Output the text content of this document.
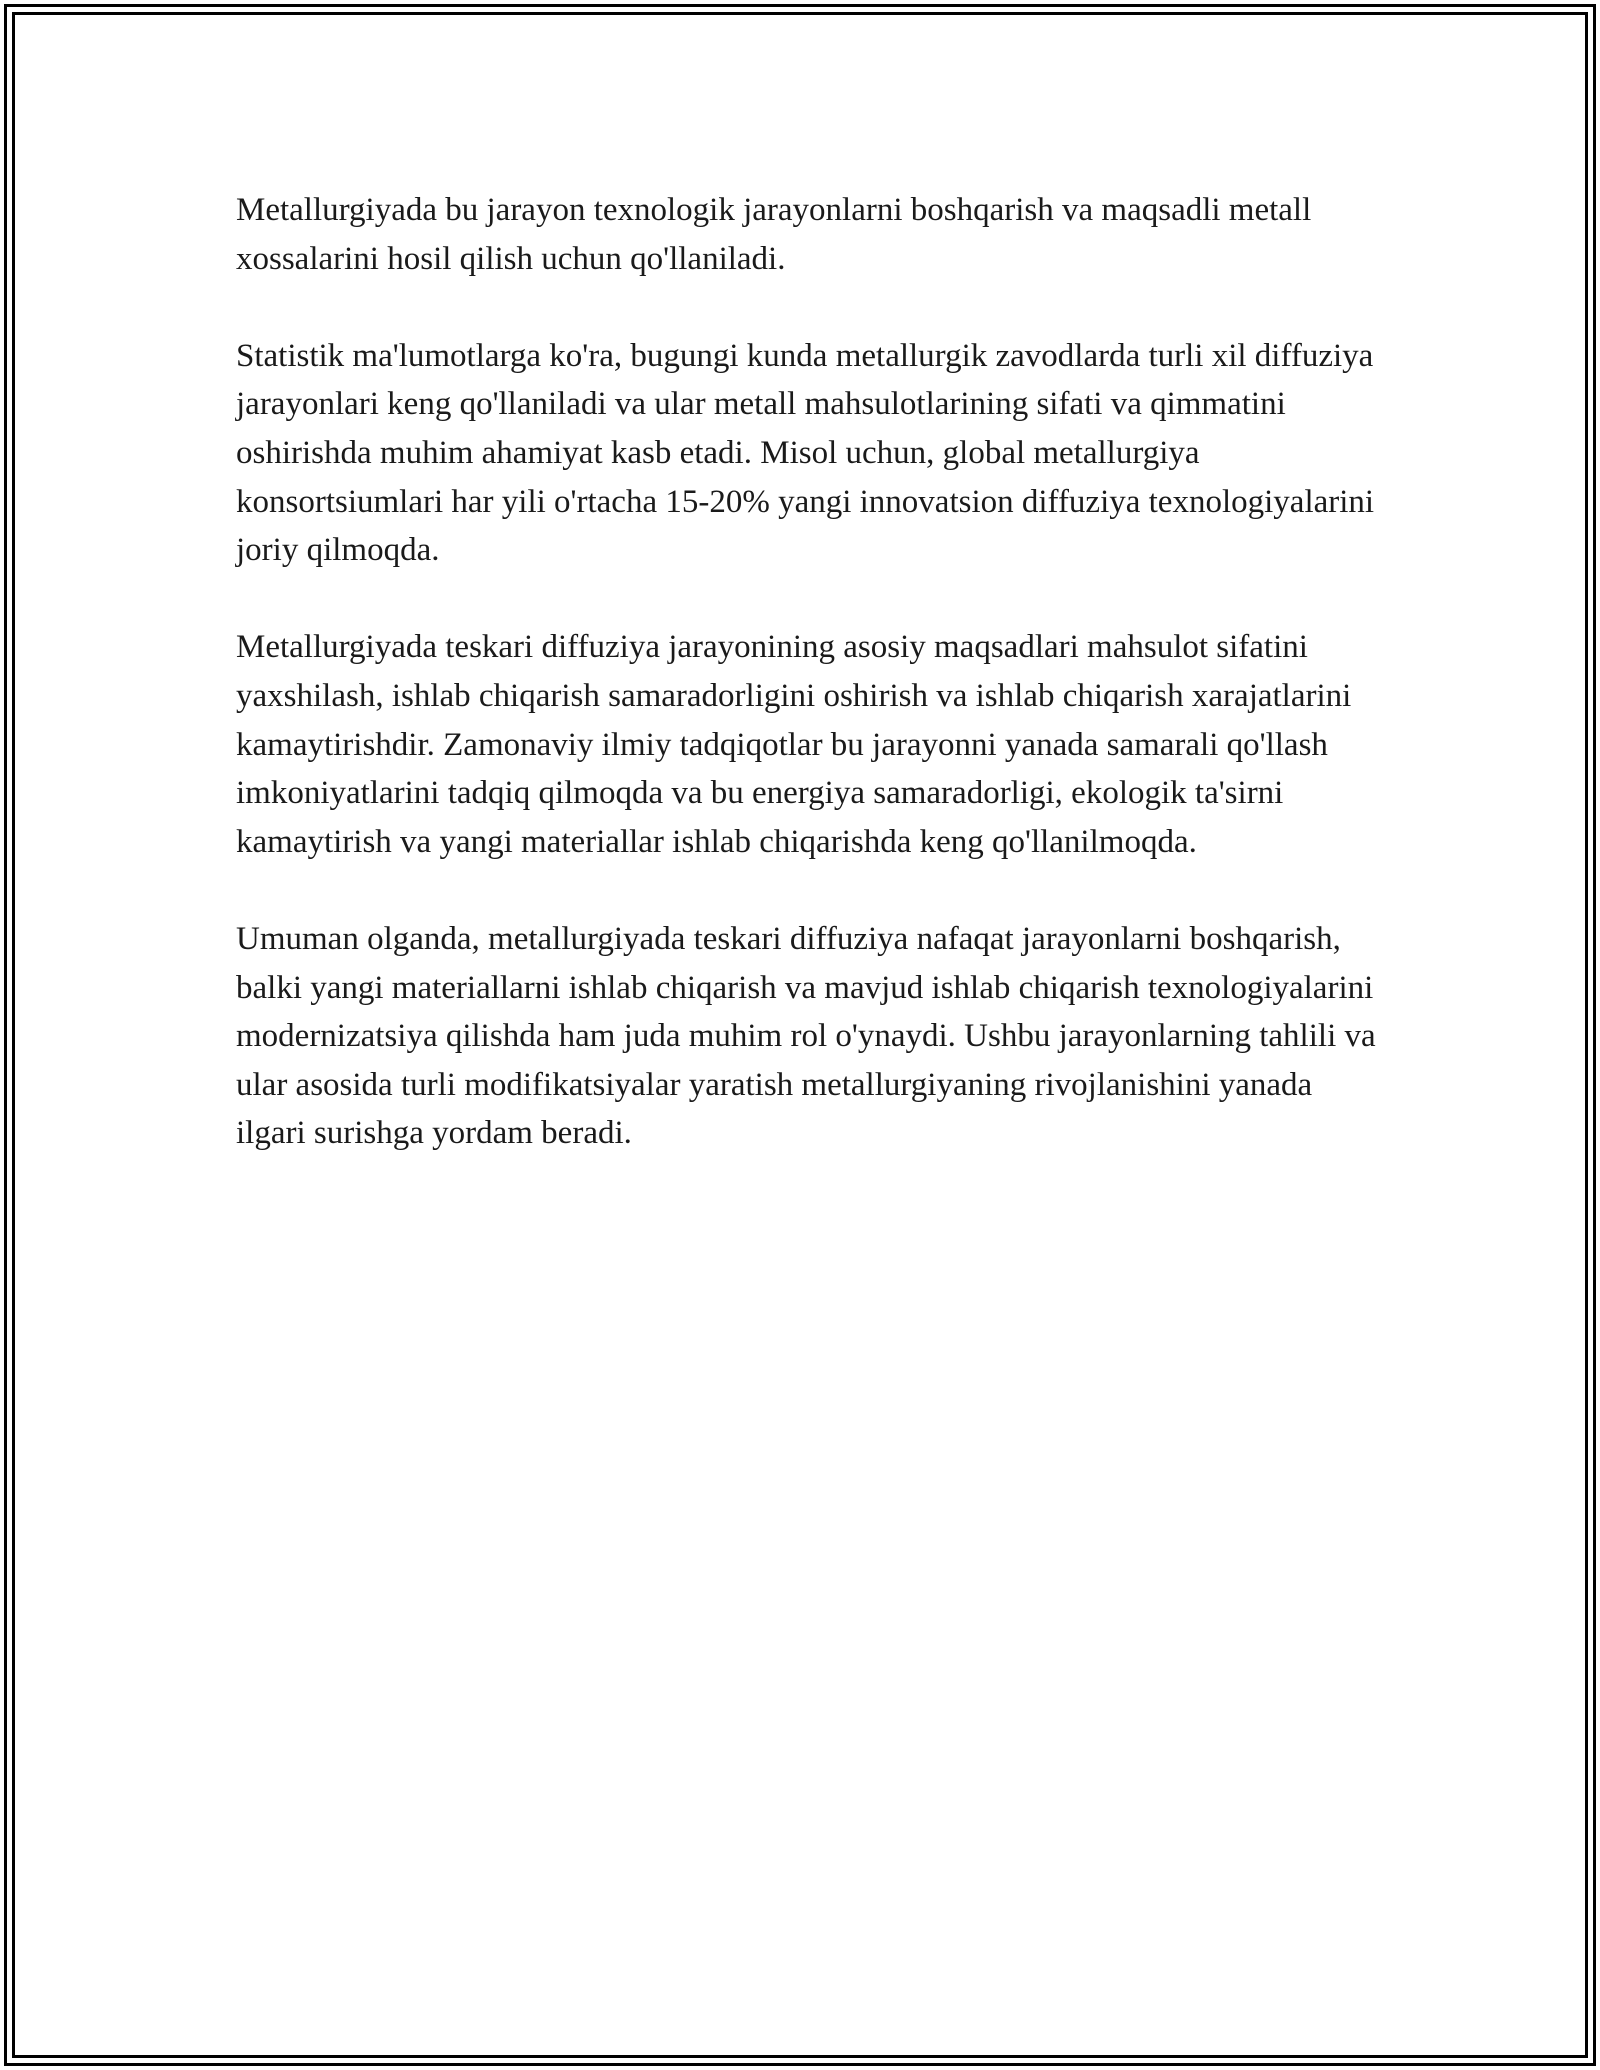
Metallurgiyada bu jarayon texnologik jarayonlarni boshqarish va maqsadli metall xossalarini hosil qilish uchun qo'llaniladi.

Statistik ma'lumotlarga ko'ra, bugungi kunda metallurgik zavodlarda turli xil diffuziya jarayonlari keng qo'llaniladi va ular metall mahsulotlarining sifati va qimmatini oshirishda muhim ahamiyat kasb etadi. Misol uchun, global metallurgiya konsortsiumlari har yili o'rtacha 15-20% yangi innovatsion diffuziya texnologiyalarini joriy qilmoqda.

Metallurgiyada teskari diffuziya jarayonining asosiy maqsadlari mahsulot sifatini yaxshilash, ishlab chiqarish samaradorligini oshirish va ishlab chiqarish xarajatlarini kamaytirishdir. Zamonaviy ilmiy tadqiqotlar bu jarayonni yanada samarali qo'llash imkoniyatlarini tadqiq qilmoqda va bu energiya samaradorligi, ekologik ta'sirni kamaytirish va yangi materiallar ishlab chiqarishda keng qo'llanilmoqda.

Umuman olganda, metallurgiyada teskari diffuziya nafaqat jarayonlarni boshqarish, balki yangi materiallarni ishlab chiqarish va mavjud ishlab chiqarish texnologiyalarini modernizatsiya qilishda ham juda muhim rol o'ynaydi. Ushbu jarayonlarning tahlili va ular asosida turli modifikatsiyalar yaratish metallurgiyaning rivojlanishini yanada ilgari surishga yordam beradi.
